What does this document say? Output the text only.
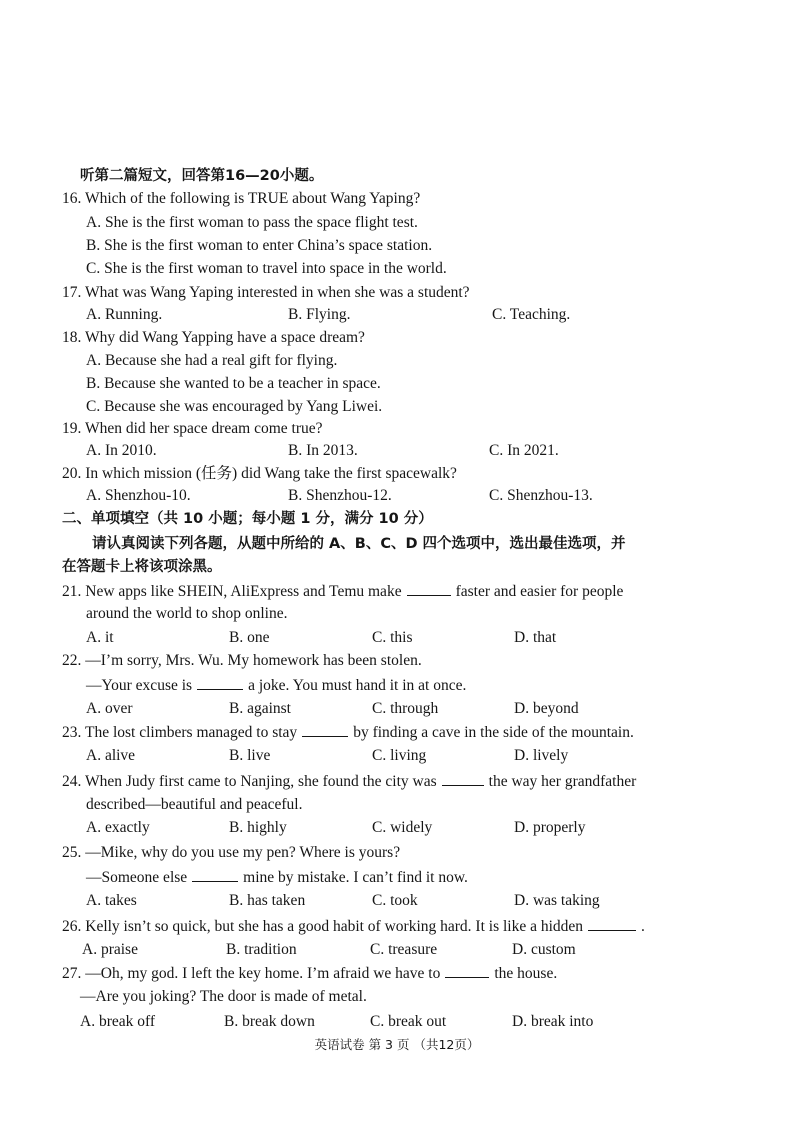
听第二篇短文，回答第16—20小题。
16. Which of the following is TRUE about Wang Yaping?
A. She is the first woman to pass the space flight test.
B. She is the first woman to enter China’s space station.
C. She is the first woman to travel into space in the world.
17. What was Wang Yaping interested in when she was a student?
A. Running.	B. Flying.	C. Teaching.
18. Why did Wang Yapping have a space dream?
A. Because she had a real gift for flying.
B. Because she wanted to be a teacher in space.
C. Because she was encouraged by Yang Liwei.
19. When did her space dream come true?
A. In 2010.	B. In 2013.	C. In 2021.
20. In which mission (任务) did Wang take the first spacewalk?
A. Shenzhou-10.	B. Shenzhou-12.	C. Shenzhou-13.
二、单项填空（共 10 小题；每小题 1 分，满分 10 分）
请认真阅读下列各题，从题中所给的 A、B、C、D 四个选项中，选出最佳选项，并
在答题卡上将该项涂黑。
21. New apps like SHEIN, AliExpress and Temu make	faster and easier for people
around the world to shop online.
A. it	B. one	C. this	D. that
22. —I’m sorry, Mrs. Wu. My homework has been stolen.
—Your excuse is	a joke. You must hand it in at once.
A. over	B. against	C. through	D. beyond
23. The lost climbers managed to stay	by finding a cave in the side of the mountain.
A. alive	B. live	C. living	D. lively
24. When Judy first came to Nanjing, she found the city was	the way her grandfather
described—beautiful and peaceful.
A. exactly	B. highly	C. widely	D. properly
25. —Mike, why do you use my pen? Where is yours?
—Someone else	mine by mistake. I can’t find it now.
A. takes	B. has taken	C. took	D. was taking
26. Kelly isn’t so quick, but she has a good habit of working hard. It is like a hidden	.
A. praise	B. tradition	C. treasure	D. custom
27. —Oh, my god. I left the key home. I’m afraid we have to	the house.
—Are you joking? The door is made of metal.
A. break off	B. break down	C. break out	D. break into
英语试卷 第 3 页 （共12页）
